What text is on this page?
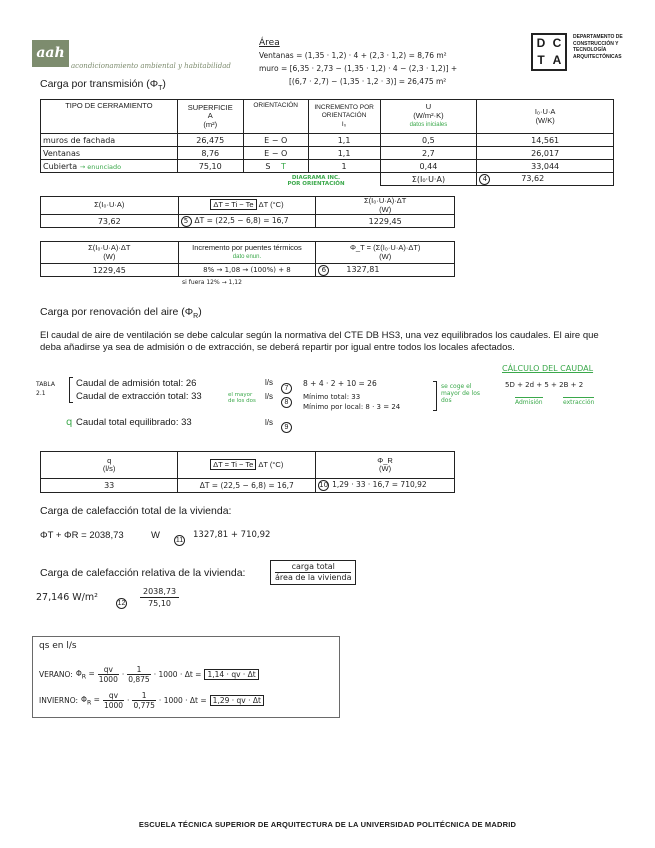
aah
acondicionamiento ambiental y habitabilidad
D C
T A
DEPARTAMENTO DE CONSTRUCCIÓN Y TECNOLOGÍA ARQUITECTÓNICAS
Área
Ventanas = (1,35 · 1,2) · 4 + (2,3 · 1,2) = 8,76 m²
muro = [6,35 · 2,73 − (1,35 · 1,2) · 4 − (2,3 · 1,2)] +
[(6,7 · 2,7) − (1,35 · 1,2 · 3)] = 26,475 m²
Carga por transmisión $(\Phi_T)$
TIPO DE CERRAMIENTO	SUPERFICIE
A
(m²)	ORIENTACIÓN	INCREMENTO POR ORIENTACIÓN
I₀	U
(W/m²·K)
datos iniciales	I₀·U·A
(W/K)
muros de fachada	26,475	E − O	1,1	0,5	14,561
Ventanas	8,76	E − O	1,1	2,7	26,017
Cubierta → enunciado	75,10	S T	1	0,44	33,044
				Σ(I₀·U·A)	4 73,62
DIAGRAMA INC. POR ORIENTACIÓN
Σ(I₀·U·A)	ΔT = Ti − Te ΔT (°C)	Σ(I₀·U·A)·ΔT
(W)
73,62	5 ΔT = (22,5 − 6,8) = 16,7	1229,45
Σ(I₀·U·A)·ΔT
(W)	Incremento por puentes térmicos
dato enun.	Φ_T = (Σ(I₀·U·A)·ΔT)
(W)
1229,45	8% → 1,08 → (100%) + 8	6 1327,81
si fuera 12% → 1,12
Carga por renovación del aire $(\Phi_R)$
El caudal de aire de ventilación se debe calcular según la normativa del CTE DB HS3, una vez equilibrados los caudales. El aire que deba añadirse ya sea de admisión o de extracción, se deberá repartir por igual entre todos los locales afectados.
TABLA 2.1
Caudal de admisión total: 26	l/s
7
8 + 4 · 2 + 10 = 26
Caudal de extracción total: 33	el mayor de los dos	l/s
8
Mínimo total: 33
Mínimo por local: 8 · 3 = 24
se coge el mayor de los dos
q Caudal total equilibrado: 33	l/s
9
CÁLCULO DEL CAUDAL
5D + 2d + 5 + 2B + 2
Admisión	extracción
q
(l/s)	ΔT = Ti − Te ΔT (°C)	Φ_R
(W)
33	ΔT = (22,5 − 6,8) = 16,7	10 1,29 · 33 · 16,7 = 710,92
Carga de calefacción total de la vivienda:
ΦT + ΦR = 2038,73	W 11
1327,81 + 710,92
Carga de calefacción relativa de la vivienda:
carga total
área de la vivienda
27,146 W/m²
12	$\frac{2038,73}{75,10}$
qs en l/s
VERANO: $\Phi_R = \frac{qv}{1000} \cdot \frac{1}{0,875} \cdot 1000 \cdot \Delta t = 1,14$ · qv · Δt
INVIERNO: $\Phi_R = \frac{qv}{1000} \cdot \frac{1}{0,775} \cdot 1000 \cdot \Delta t = 1,29$ · qv · Δt
ESCUELA TÉCNICA SUPERIOR DE ARQUITECTURA DE LA UNIVERSIDAD POLITÉCNICA DE MADRID
